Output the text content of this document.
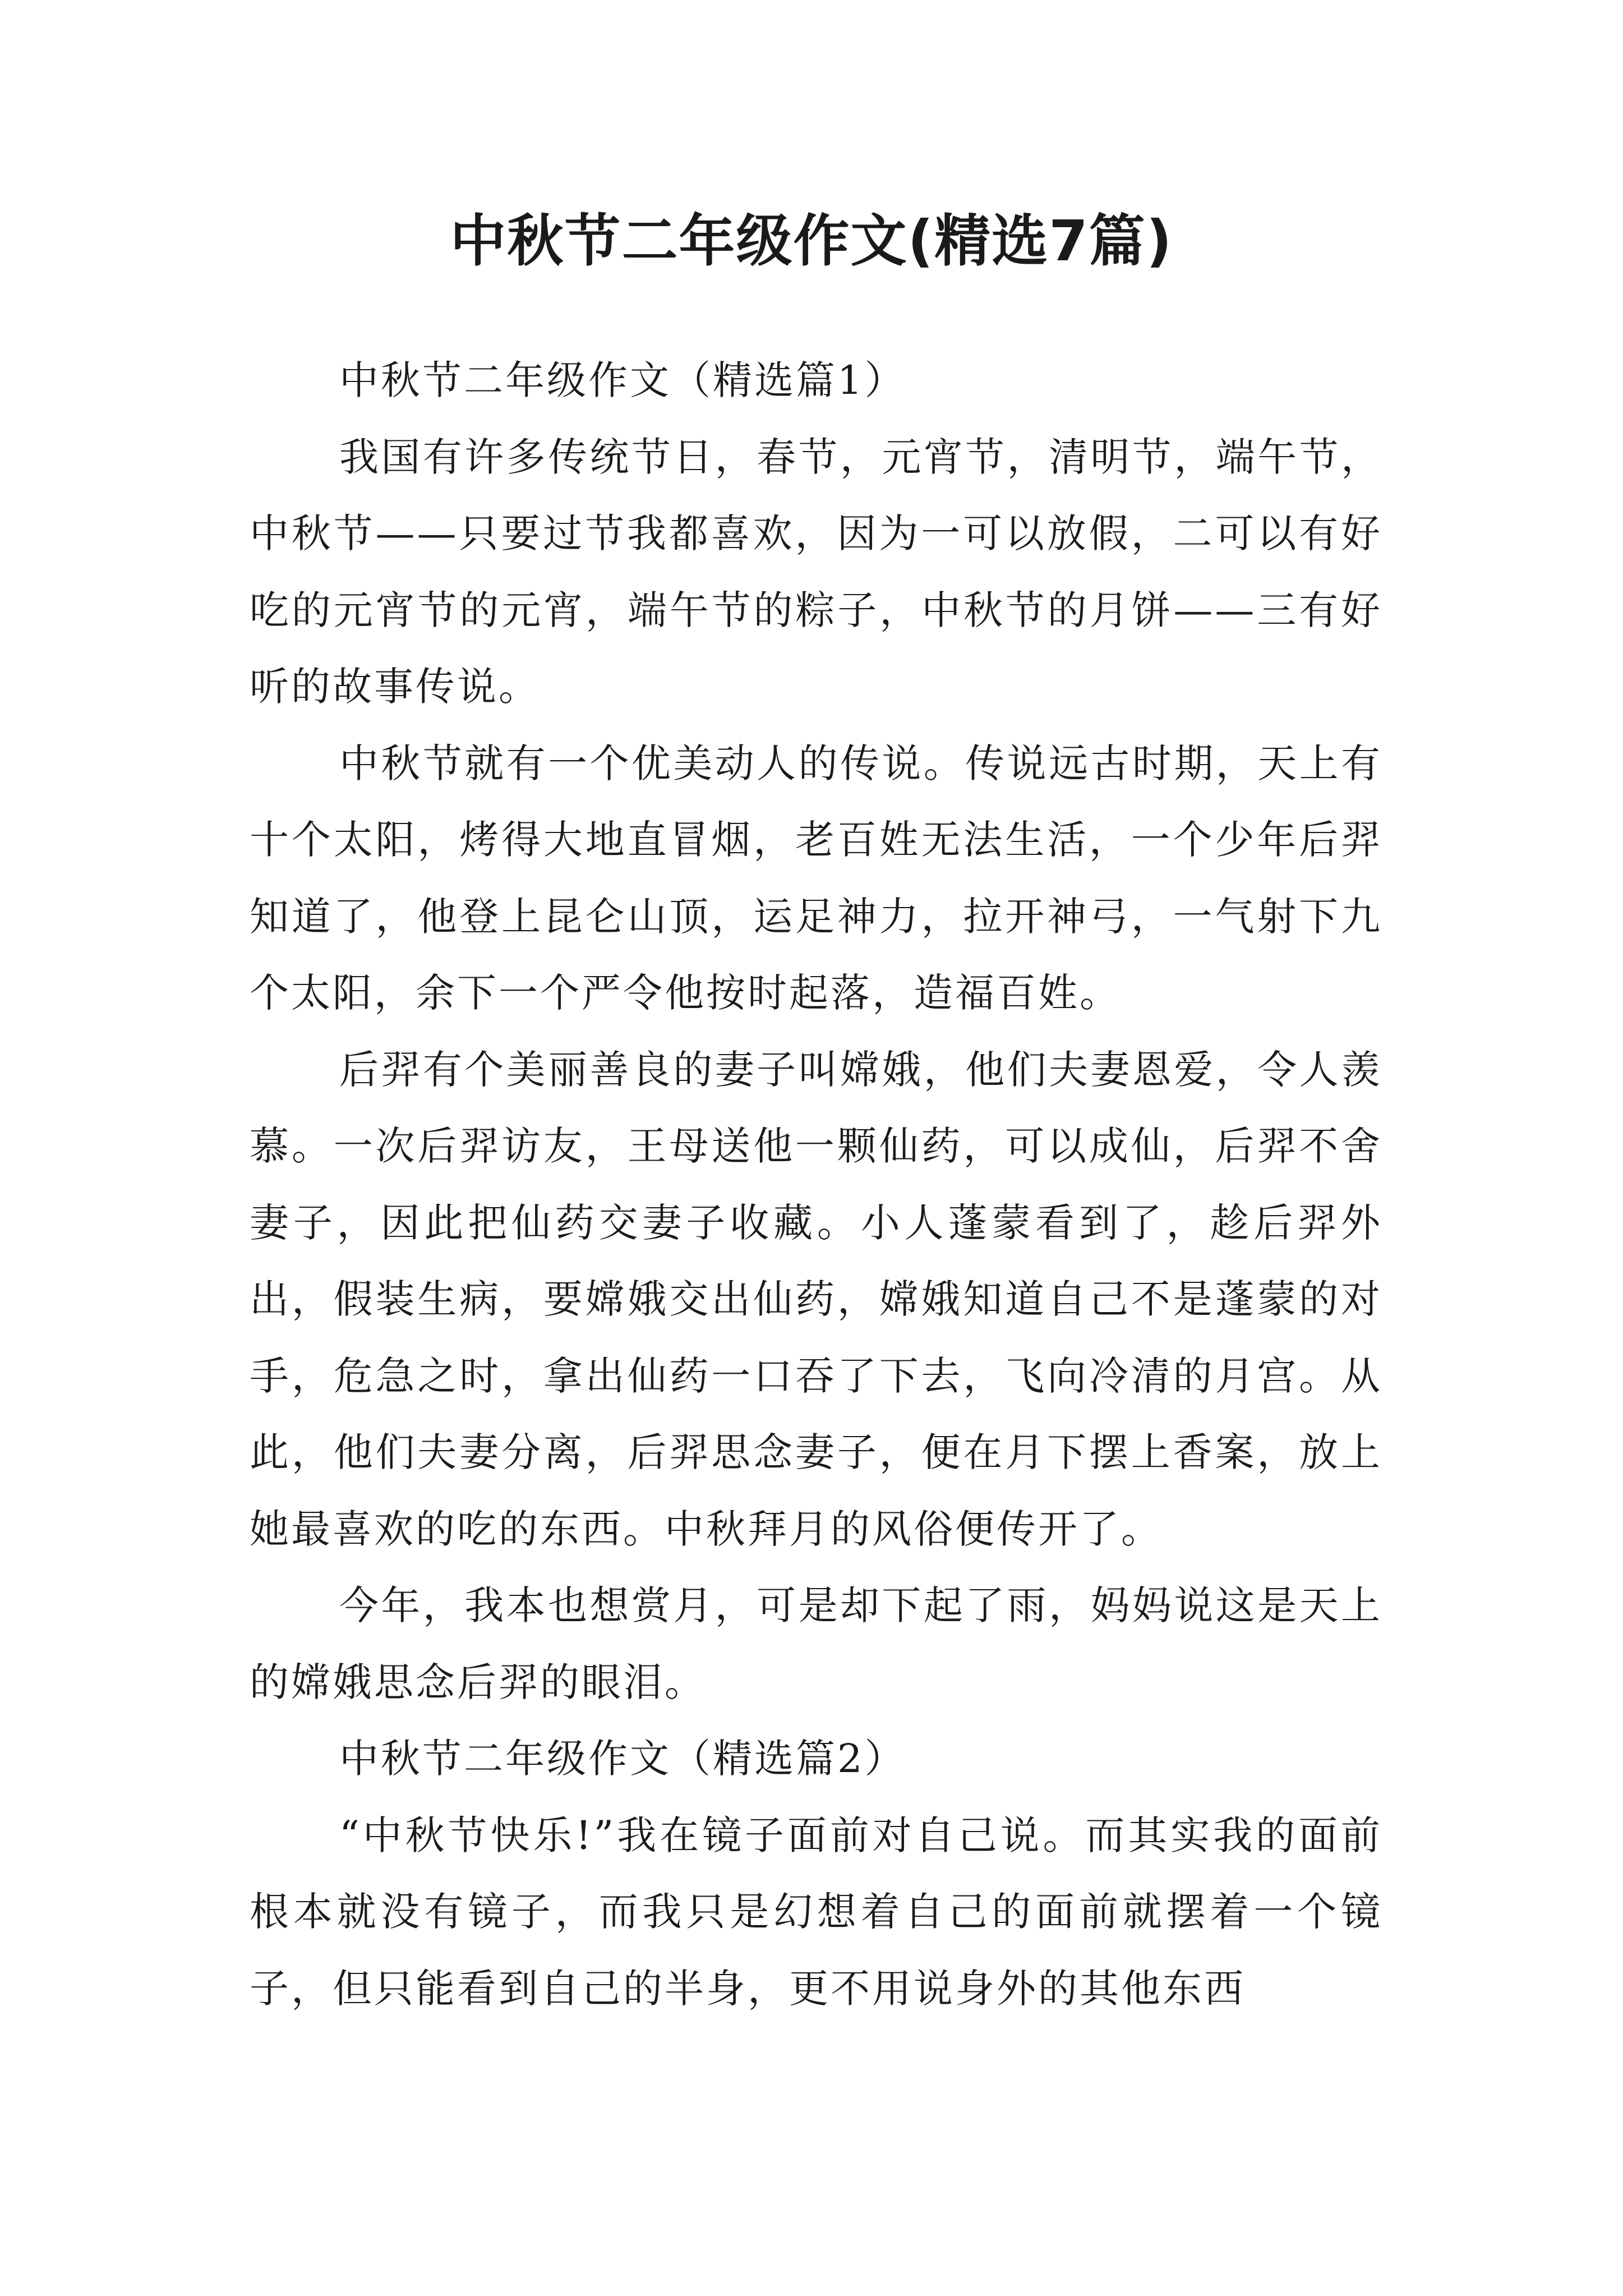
中秋节二年级作文(精选7篇)

中秋节二年级作文（精选篇1）

我国有许多传统节日，春节，元宵节，清明节，端午节，中秋节——只要过节我都喜欢，因为一可以放假，二可以有好吃的元宵节的元宵，端午节的粽子，中秋节的月饼——三有好听的故事传说。

中秋节就有一个优美动人的传说。传说远古时期，天上有十个太阳，烤得大地直冒烟，老百姓无法生活，一个少年后羿知道了，他登上昆仑山顶，运足神力，拉开神弓，一气射下九个太阳，余下一个严令他按时起落，造福百姓。

后羿有个美丽善良的妻子叫嫦娥，他们夫妻恩爱，令人羡慕。一次后羿访友，王母送他一颗仙药，可以成仙，后羿不舍妻子，因此把仙药交妻子收藏。小人蓬蒙看到了，趁后羿外出，假装生病，要嫦娥交出仙药，嫦娥知道自己不是蓬蒙的对手，危急之时，拿出仙药一口吞了下去，飞向冷清的月宫。从此，他们夫妻分离，后羿思念妻子，便在月下摆上香案，放上她最喜欢的吃的东西。中秋拜月的风俗便传开了。

今年，我本也想赏月，可是却下起了雨，妈妈说这是天上的嫦娥思念后羿的眼泪。

中秋节二年级作文（精选篇2）

“中秋节快乐!”我在镜子面前对自己说。而其实我的面前根本就没有镜子，而我只是幻想着自己的面前就摆着一个镜子，但只能看到自己的半身，更不用说身外的其他东西
